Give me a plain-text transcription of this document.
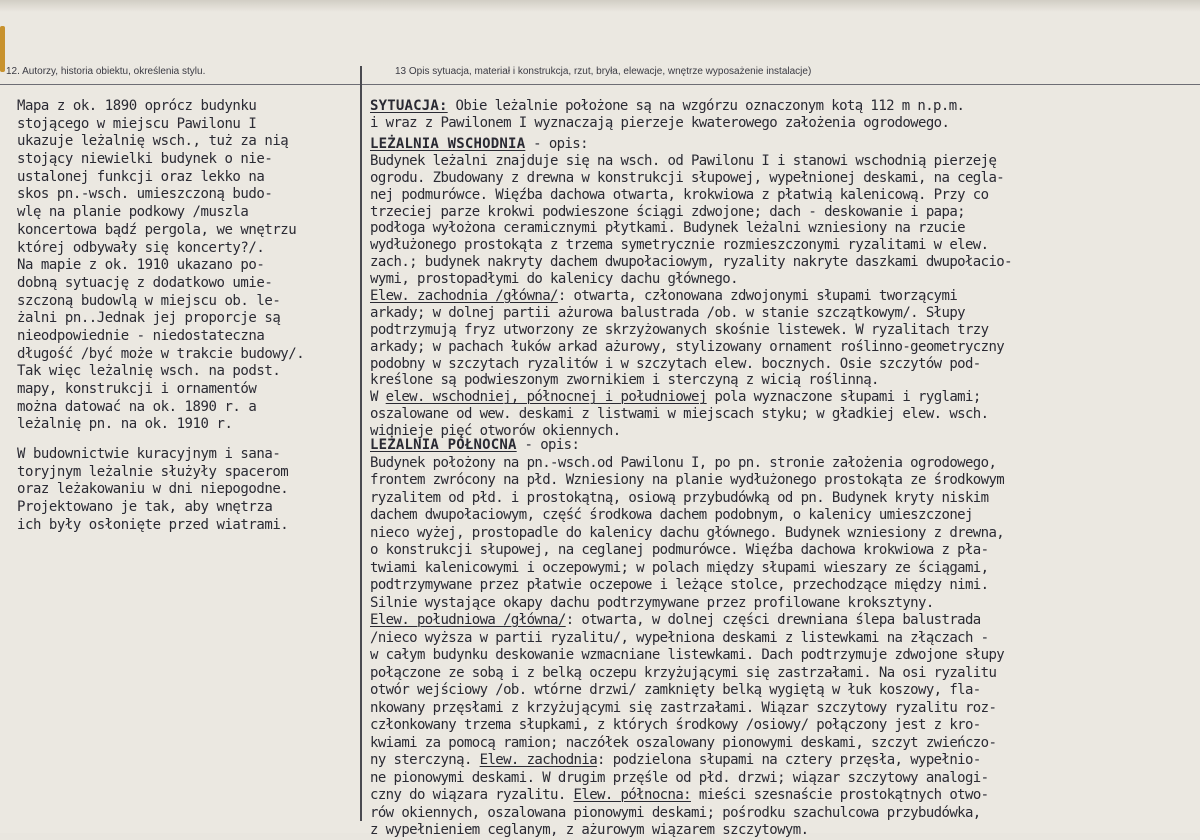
12. Autorzy, historia obiektu, określenia stylu.	13 Opis sytuacja, materiał i konstrukcja, rzut, bryła, elewacje, wnętrze wyposażenie instalacje)
Mapa z ok. 1890 oprócz budynku
stojącego w miejscu Pawilonu I
ukazuje leżalnię wsch., tuż za nią
stojący niewielki budynek o nie-
ustalonej funkcji oraz lekko na
skos pn.-wsch. umieszczoną budo-
wlę na planie podkowy /muszla
koncertowa bądź pergola, we wnętrzu
której odbywały się koncerty?/.
Na mapie z ok. 1910 ukazano po-
dobną sytuację z dodatkowo umie-
szczoną budowlą w miejscu ob. le-
żalni pn..Jednak jej proporcje są
nieodpowiednie - niedostateczna
długość /być może w trakcie budowy/.
Tak więc leżalnię wsch. na podst.
mapy, konstrukcji i ornamentów
można datować na ok. 1890 r. a
leżalnię pn. na ok. 1910 r.
W budownictwie kuracyjnym i sana-
toryjnym leżalnie służyły spacerom
oraz leżakowaniu w dni niepogodne.
Projektowano je tak, aby wnętrza
ich były osłonięte przed wiatrami.
SYTUACJA: Obie leżalnie położone są na wzgórzu oznaczonym kotą 112 m n.p.m.
i wraz z Pawilonem I wyznaczają pierzeje kwaterowego założenia ogrodowego.
LEŻALNIA WSCHODNIA - opis:
Budynek leżalni znajduje się na wsch. od Pawilonu I i stanowi wschodnią pierzeję
ogrodu. Zbudowany z drewna w konstrukcji słupowej, wypełnionej deskami, na cegla-
nej podmurówce. Więźba dachowa otwarta, krokwiowa z płatwią kalenicową. Przy co
trzeciej parze krokwi podwieszone ściągi zdwojone; dach - deskowanie i papa;
podłoga wyłożona ceramicznymi płytkami. Budynek leżalni wzniesiony na rzucie
wydłużonego prostokąta z trzema symetrycznie rozmieszczonymi ryzalitami w elew.
zach.; budynek nakryty dachem dwupołaciowym, ryzality nakryte daszkami dwupołacio-
wymi, prostopadłymi do kalenicy dachu głównego.
Elew. zachodnia /główna/: otwarta, członowana zdwojonymi słupami tworzącymi
arkady; w dolnej partii ażurowa balustrada /ob. w stanie szczątkowym/. Słupy
podtrzymują fryz utworzony ze skrzyżowanych skośnie listewek. W ryzalitach trzy
arkady; w pachach łuków arkad ażurowy, stylizowany ornament roślinno-geometryczny
podobny w szczytach ryzalitów i w szczytach elew. bocznych. Osie szczytów pod-
kreślone są podwieszonym zwornikiem i sterczyną z wicią roślinną.
W elew. wschodniej, północnej i południowej pola wyznaczone słupami i ryglami;
oszalowane od wew. deskami z listwami w miejscach styku; w gładkiej elew. wsch.
widnieje pięć otworów okiennych.
LEŻALNIA PÓŁNOCNA - opis:
Budynek położony na pn.-wsch.od Pawilonu I, po pn. stronie założenia ogrodowego,
frontem zwrócony na płd. Wzniesiony na planie wydłużonego prostokąta ze środkowym
ryzalitem od płd. i prostokątną, osiową przybudówką od pn. Budynek kryty niskim
dachem dwupołaciowym, część środkowa dachem podobnym, o kalenicy umieszczonej
nieco wyżej, prostopadle do kalenicy dachu głównego. Budynek wzniesiony z drewna,
o konstrukcji słupowej, na ceglanej podmurówce. Więźba dachowa krokwiowa z pła-
twiami kalenicowymi i oczepowymi; w polach między słupami wieszary ze ściągami,
podtrzymywane przez płatwie oczepowe i leżące stolce, przechodzące między nimi.
Silnie wystające okapy dachu podtrzymywane przez profilowane kroksztyny.
Elew. południowa /główna/: otwarta, w dolnej części drewniana ślepa balustrada
/nieco wyższa w partii ryzalitu/, wypełniona deskami z listewkami na złączach -
w całym budynku deskowanie wzmacniane listewkami. Dach podtrzymuje zdwojone słupy
połączone ze sobą i z belką oczepu krzyżującymi się zastrzałami. Na osi ryzalitu
otwór wejściowy /ob. wtórne drzwi/ zamknięty belką wygiętą w łuk koszowy, fla-
nkowany przęsłami z krzyżującymi się zastrzałami. Wiązar szczytowy ryzalitu roz-
członkowany trzema słupkami, z których środkowy /osiowy/ połączony jest z kro-
kwiami za pomocą ramion; naczółek oszalowany pionowymi deskami, szczyt zwieńczo-
ny sterczyną. Elew. zachodnia: podzielona słupami na cztery przęsła, wypełnio-
ne pionowymi deskami. W drugim przęśle od płd. drzwi; wiązar szczytowy analogi-
czny do wiązara ryzalitu. Elew. północna: mieści szesnaście prostokątnych otwo-
rów okiennych, oszalowana pionowymi deskami; pośrodku szachulcowa przybudówka,
z wypełnieniem ceglanym, z ażurowym wiązarem szczytowym.
